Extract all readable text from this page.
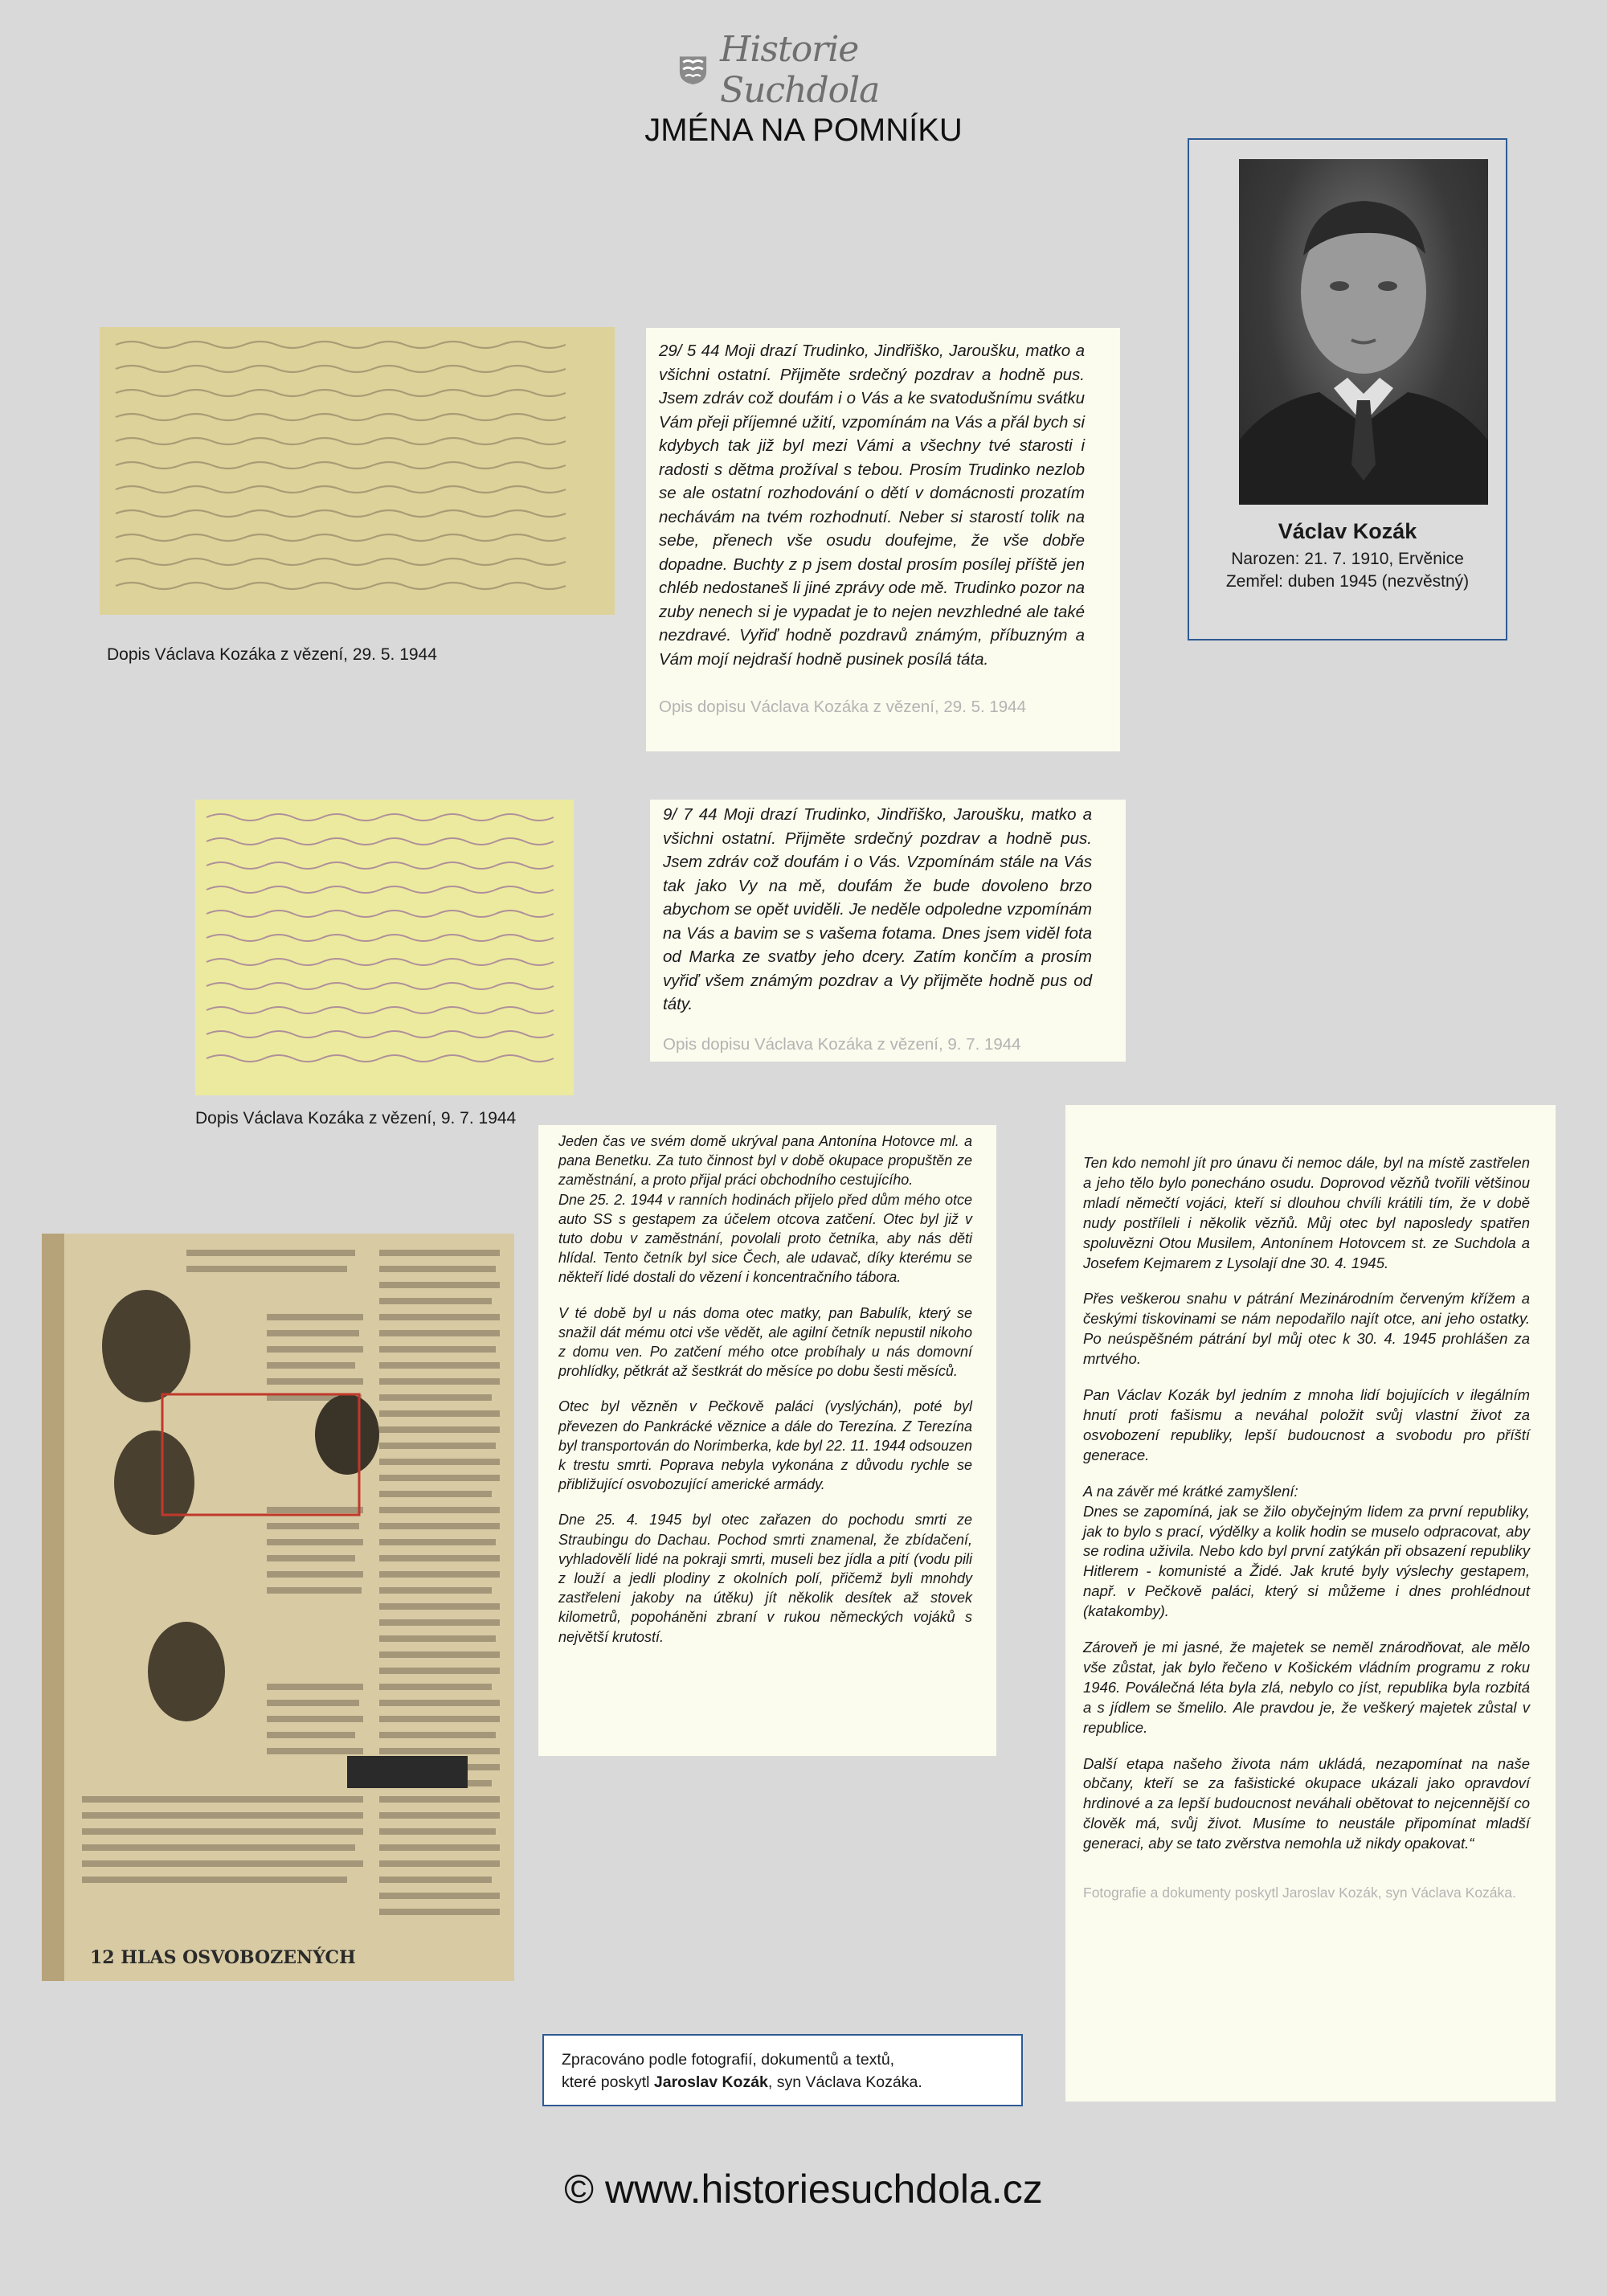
Historie Suchdola
JMÉNA NA POMNÍKU
Václav Kozák
Narozen: 21. 7. 1910, Ervěnice
Zemřel: duben 1945 (nezvěstný)
Dopis Václava Kozáka z vězení, 29. 5. 1944

29/ 5 44 Moji drazí Trudinko, Jindřiško, Jaroušku, matko a všichni ostatní. Přijměte srdečný pozdrav a hodně pus. Jsem zdráv což doufám i o Vás a ke svatodušnímu svátku Vám přeji příjemné užití, vzpomínám na Vás a přál bych si kdybych tak již byl mezi Vámi a všechny tvé starosti i radosti s dětma prožíval s tebou. Prosím Trudinko nezlob se ale ostatní rozhodování o dětí v domácnosti prozatím nechávám na tvém rozhodnutí. Neber si starostí tolik na sebe, přenech vše osudu doufejme, že vše dobře dopadne. Buchty z p jsem dostal prosím posílej příště jen chléb nedostaneš li jiné zprávy ode mě. Trudinko pozor na zuby nenech si je vypadat je to nejen nevzhledné ale také nezdravé. Vyřiď hodně pozdravů známým, příbuzným a Vám mojí nejdraší hodně pusinek posílá táta.

Opis dopisu Václava Kozáka z vězení, 29. 5. 1944

Dopis Václava Kozáka z vězení, 9. 7. 1944

9/ 7 44 Moji drazí Trudinko, Jindřiško, Jaroušku, matko a všichni ostatní. Přijměte srdečný pozdrav a hodně pus. Jsem zdráv což doufám i o Vás. Vzpomínám stále na Vás tak jako Vy na mě, doufám že bude dovoleno brzo abychom se opět uviděli. Je neděle odpoledne vzpomínám na Vás a bavim se s vašema fotama. Dnes jsem viděl fota od Marka ze svatby jeho dcery. Zatím končím a prosím vyřiď všem známým pozdrav a Vy přijměte hodně pus od táty.

Opis dopisu Václava Kozáka z vězení, 9. 7. 1944

12 HLAS OSVOBOZENÝCH

Jeden čas ve svém domě ukrýval pana Antonína Hotovce ml. a pana Benetku. Za tuto činnost byl v době okupace propuštěn ze zaměstnání, a proto přijal práci obchodního cestujícího.
Dne 25. 2. 1944 v ranních hodinách přijelo před dům mého otce auto SS s gestapem za účelem otcova zatčení. Otec byl již v tuto dobu v zaměstnání, povolali proto četníka, aby nás děti hlídal. Tento četník byl sice Čech, ale udavač, díky kterému se někteří lidé dostali do vězení i koncentračního tábora.

V té době byl u nás doma otec matky, pan Babulík, který se snažil dát mému otci vše vědět, ale agilní četník nepustil nikoho z domu ven. Po zatčení mého otce probíhaly u nás domovní prohlídky, pětkrát až šestkrát do měsíce po dobu šesti měsíců.

Otec byl vězněn v Pečkově paláci (vyslýchán), poté byl převezen do Pankrácké věznice a dále do Terezína. Z Terezína byl transportován do Norimberka, kde byl 22. 11. 1944 odsouzen k trestu smrti. Poprava nebyla vykonána z důvodu rychle se přibližující osvobozující americké armády.

Dne 25. 4. 1945 byl otec zařazen do pochodu smrti ze Straubingu do Dachau. Pochod smrti znamenal, že zbídačení, vyhladovělí lidé na pokraji smrti, museli bez jídla a pití (vodu pili z louží a jedli plodiny z okolních polí, přičemž byli mnohdy zastřeleni jakoby na útěku) jít několik desítek až stovek kilometrů, popoháněni zbraní v rukou německých vojáků s největší krutostí.

Ten kdo nemohl jít pro únavu či nemoc dále, byl na místě zastřelen a jeho tělo bylo ponecháno osudu. Doprovod vězňů tvořili většinou mladí němečtí vojáci, kteří si dlouhou chvíli krátili tím, že v době nudy postříleli i několik vězňů. Můj otec byl naposledy spatřen spoluvězni Otou Musilem, Antonínem Hotovcem st. ze Suchdola a Josefem Kejmarem z Lysolají dne 30. 4. 1945.

Přes veškerou snahu v pátrání Mezinárodním červeným křížem a českými tiskovinami se nám nepodařilo najít otce, ani jeho ostatky. Po neúspěšném pátrání byl můj otec k 30. 4. 1945 prohlášen za mrtvého.

Pan Václav Kozák byl jedním z mnoha lidí bojujících v ilegálním hnutí proti fašismu a neváhal položit svůj vlastní život za osvobození republiky, lepší budoucnost a svobodu pro příští generace.

A na závěr mé krátké zamyšlení:
Dnes se zapomíná, jak se žilo obyčejným lidem za první republiky, jak to bylo s prací, výdělky a kolik hodin se muselo odpracovat, aby se rodina uživila. Nebo kdo byl první zatýkán při obsazení republiky Hitlerem - komunisté a Židé. Jak kruté byly výslechy gestapem, např. v Pečkově paláci, který si můžeme i dnes prohlédnout (katakomby).

Zároveň je mi jasné, že majetek se neměl znárodňovat, ale mělo vše zůstat, jak bylo řečeno v Košickém vládním programu z roku 1946. Poválečná léta byla zlá, nebylo co jíst, republika byla rozbitá a s jídlem se šmelilo. Ale pravdou je, že veškerý majetek zůstal v republice.

Další etapa našeho života nám ukládá, nezapomínat na naše občany, kteří se za fašistické okupace ukázali jako opravdoví hrdinové a za lepší budoucnost neváhali obětovat to nejcennější co člověk má, svůj život. Musíme to neustále připomínat mladší generaci, aby se tato zvěrstva nemohla už nikdy opakovat.“

Fotografie a dokumenty poskytl Jaroslav Kozák, syn Václava Kozáka.

Zpracováno podle fotografií, dokumentů a textů,
které poskytl Jaroslav Kozák, syn Václava Kozáka.
© www.historiesuchdola.cz
